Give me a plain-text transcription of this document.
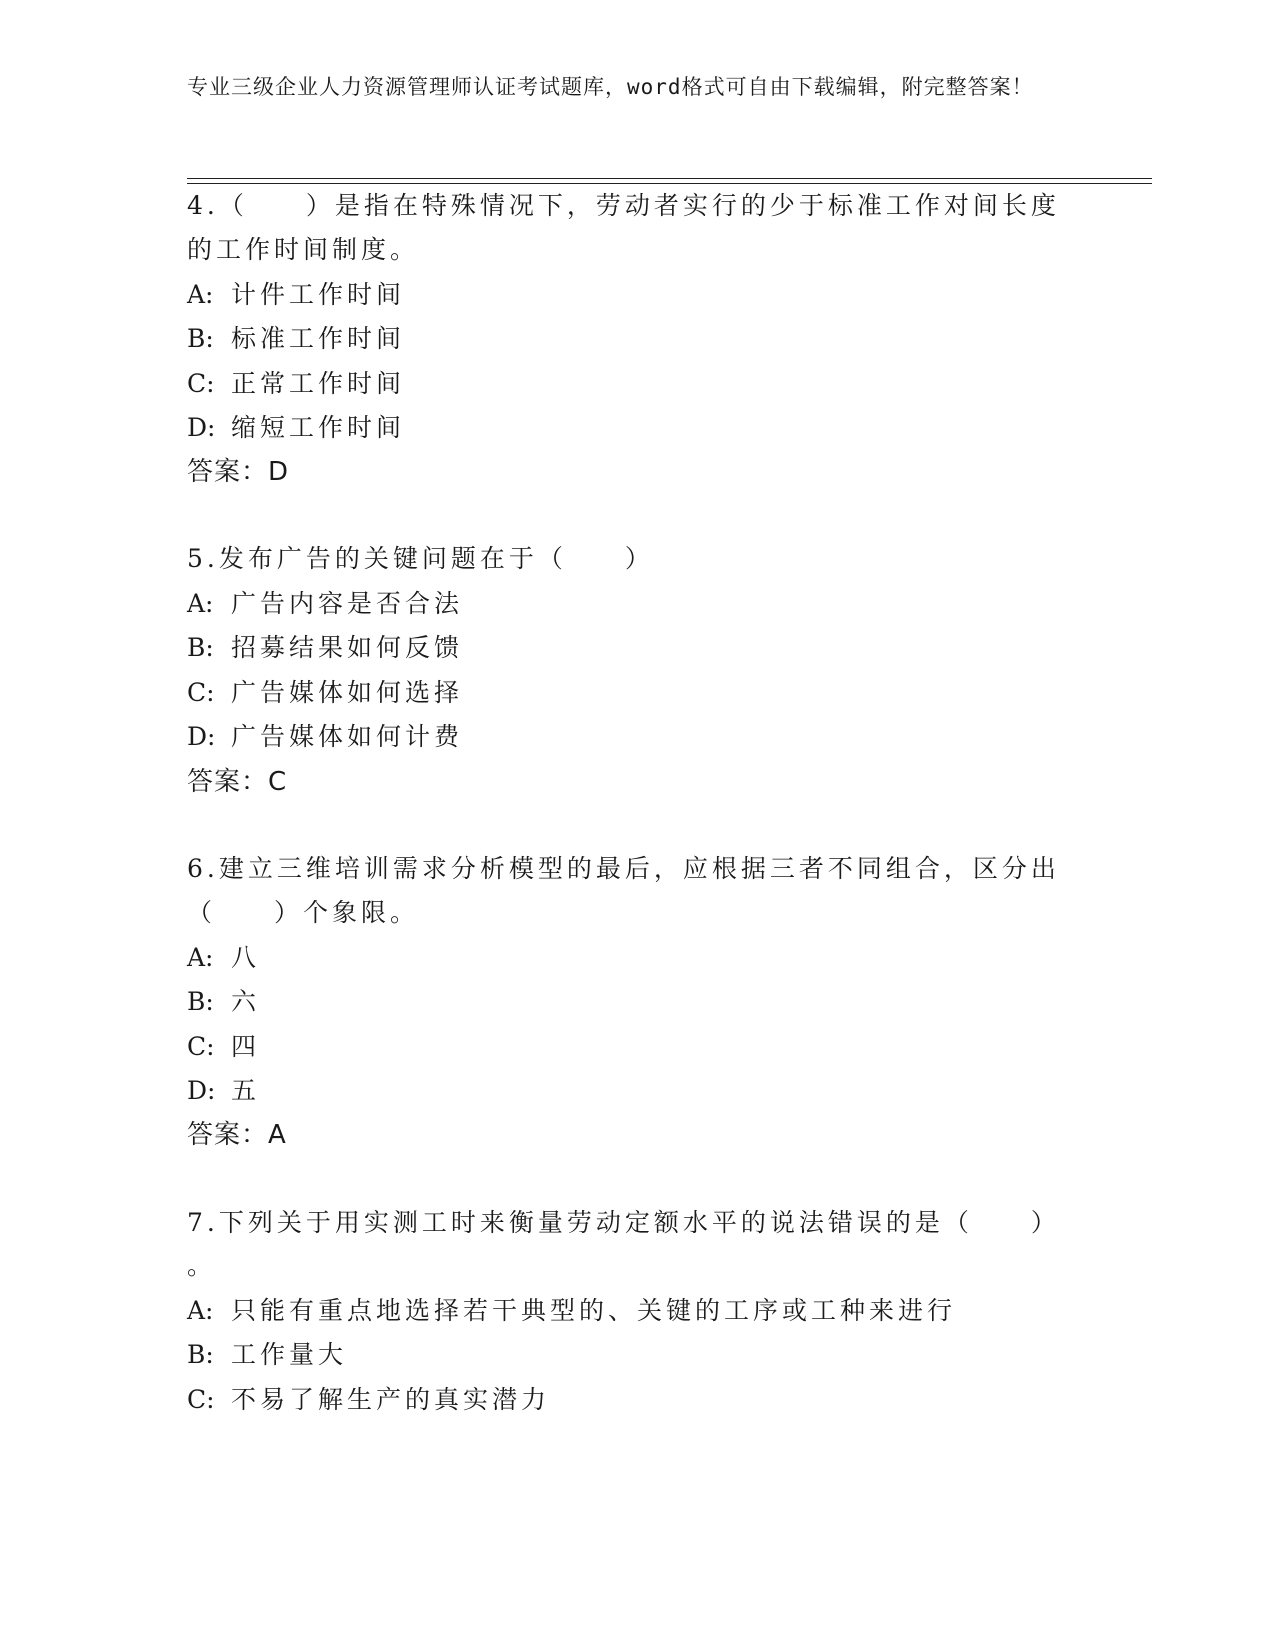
专业三级企业人力资源管理师认证考试题库，word格式可自由下载编辑，附完整答案！
4.（　　）是指在特殊情况下，劳动者实行的少于标准工作对间长度
的工作时间制度。
A: 计件工作时间
B: 标准工作时间
C: 正常工作时间
D: 缩短工作时间
答案：D
5.发布广告的关键问题在于（　　）
A: 广告内容是否合法
B: 招募结果如何反馈
C: 广告媒体如何选择
D: 广告媒体如何计费
答案：C
6.建立三维培训需求分析模型的最后，应根据三者不同组合，区分出
（　　）个象限。
A: 八
B: 六
C: 四
D: 五
答案：A
7.下列关于用实测工时来衡量劳动定额水平的说法错误的是（　　）
。
A: 只能有重点地选择若干典型的、关键的工序或工种来进行
B: 工作量大
C: 不易了解生产的真实潜力
